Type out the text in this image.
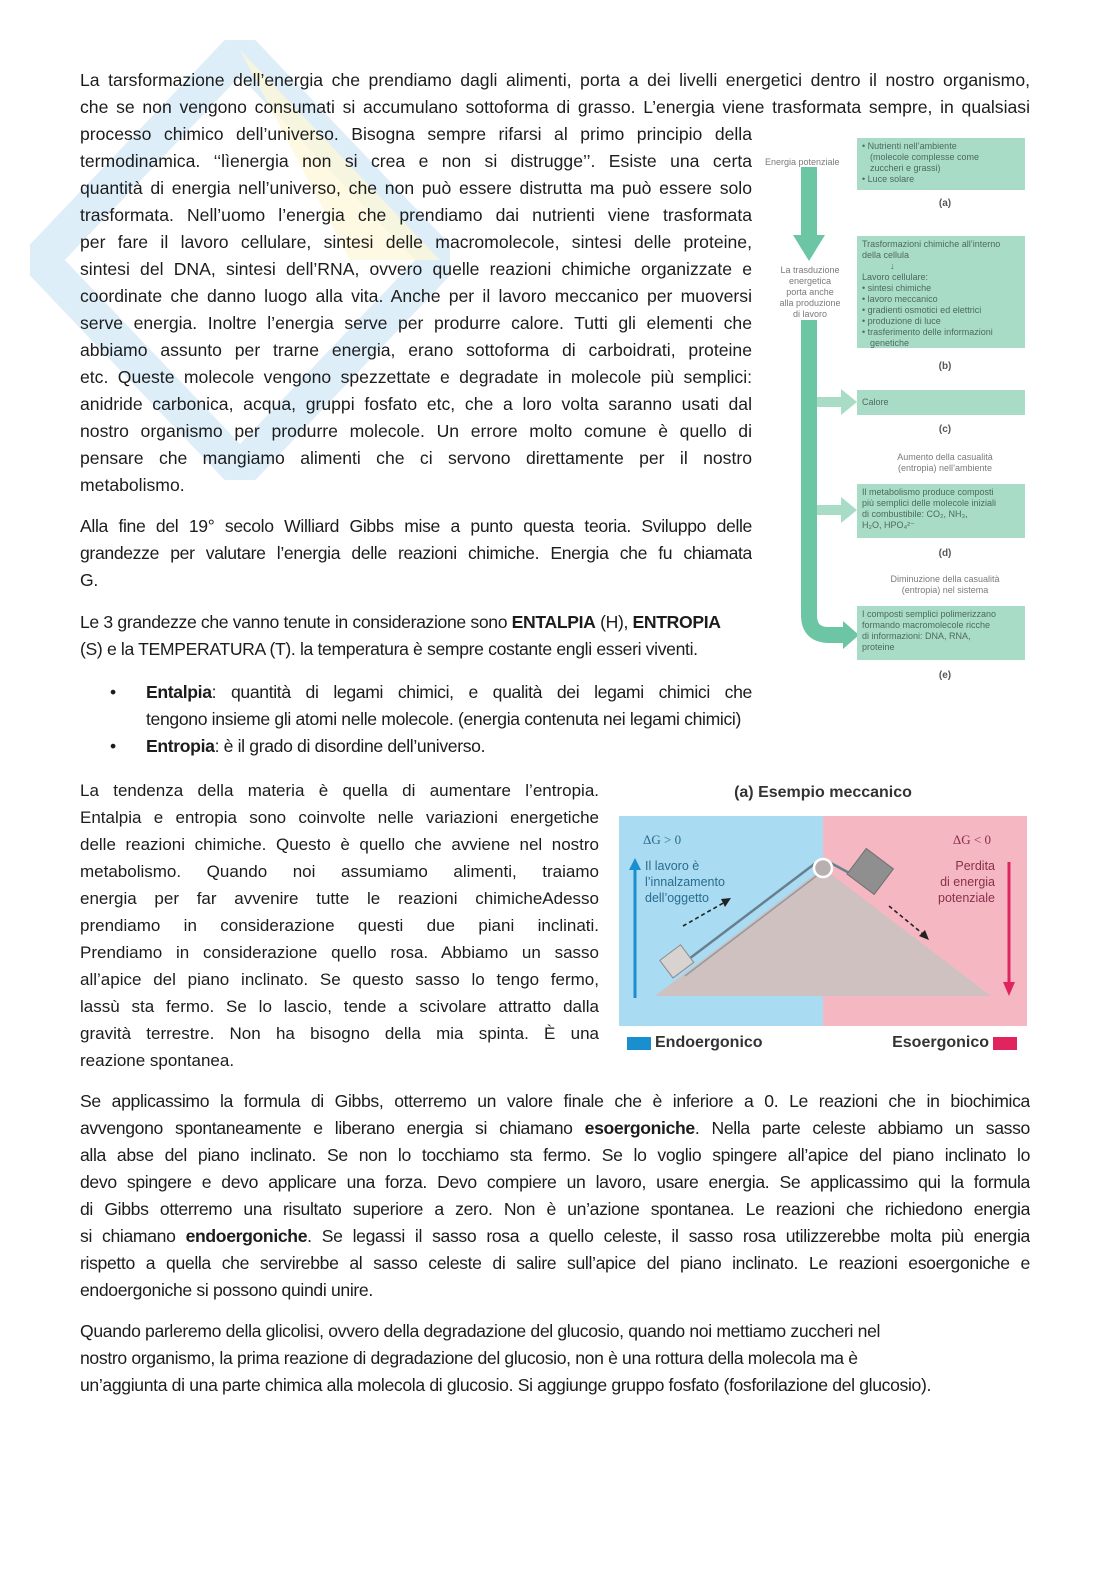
La tarsformazione dell’energia che prendiamo dagli alimenti, porta a dei livelli energetici dentro il nostro organismo,
che se non vengono consumati si accumulano sottoforma di grasso. L’energia viene trasformata sempre, in qualsiasi
processo chimico dell’universo. Bisogna sempre rifarsi al primo principio della
termodinamica. ‘‘lìenergia non si crea e non si distrugge’’. Esiste una certa
quantità di energia nell’universo, che non può essere distrutta ma può essere solo
trasformata. Nell’uomo l’energia che prendiamo dai nutrienti viene trasformata
per fare il lavoro cellulare, sintesi delle macromolecole, sintesi delle proteine,
sintesi del DNA, sintesi dell’RNA, ovvero quelle reazioni chimiche organizzate e
coordinate che danno luogo alla vita. Anche per il lavoro meccanico per muoversi
serve energia. Inoltre l’energia serve per produrre calore. Tutti gli elementi che
abbiamo assunto per trarne energia, erano sottoforma di carboidrati, proteine
etc. Queste molecole vengono spezzettate e degradate in molecole più semplici:
anidride carbonica, acqua, gruppi fosfato etc, che a loro volta saranno usati dal
nostro organismo per produrre molecole. Un errore molto comune è quello di
pensare che mangiamo alimenti che ci servono direttamente per il nostro
metabolismo.
Alla fine del 19° secolo Williard Gibbs mise a punto questa teoria. Sviluppo delle
grandezze per valutare l’energia delle reazioni chimiche. Energia che fu chiamata
G.
Le 3 grandezze che vanno tenute in considerazione sono ENTALPIA (H), ENTROPIA
(S) e la TEMPERATURA (T). la temperatura è sempre costante engli esseri viventi.
• Entalpia: quantità di legami chimici, e qualità dei legami chimici che
tengono insieme gli atomi nelle molecole. (energia contenuta nei legami chimici)
• Entropia: è il grado di disordine dell’universo.
La tendenza della materia è quella di aumentare l’entropia.
Entalpia e entropia sono coinvolte nelle variazioni energetiche
delle reazioni chimiche. Questo è quello che avviene nel nostro
metabolismo. Quando noi assumiamo alimenti, traiamo
energia per far avvenire tutte le reazioni chimicheAdesso
prendiamo in considerazione questi due piani inclinati.
Prendiamo in considerazione quello rosa. Abbiamo un sasso
all’apice del piano inclinato. Se questo sasso lo tengo fermo,
lassù sta fermo. Se lo lascio, tende a scivolare attratto dalla
gravità terrestre. Non ha bisogno della mia spinta. È una
reazione spontanea.
Se applicassimo la formula di Gibbs, otterremo un valore finale che è inferiore a 0. Le reazioni che in biochimica
avvengono spontaneamente e liberano energia si chiamano esoergoniche. Nella parte celeste abbiamo un sasso
alla abse del piano inclinato. Se non lo tocchiamo sta fermo. Se lo voglio spingere all’apice del piano inclinato lo
devo spingere e devo applicare una forza. Devo compiere un lavoro, usare energia. Se applicassimo qui la formula
di Gibbs otterremo una risultato superiore a zero. Non è un’azione spontanea. Le reazioni che richiedono energia
si chiamano endoergoniche. Se legassi il sasso rosa a quello celeste, il sasso rosa utilizzerebbe molta più energia
rispetto a quella che servirebbe al sasso celeste di salire sull’apice del piano inclinato. Le reazioni esoergoniche e
endoergoniche si possono quindi unire.
Quando parleremo della glicolisi, ovvero della degradazione del glucosio, quando noi mettiamo zuccheri nel
nostro organismo, la prima reazione di degradazione del glucosio, non è una rottura della molecola ma è
un’aggiunta di una parte chimica alla molecola di glucosio. Si aggiunge gruppo fosfato (fosforilazione del glucosio).
Energia potenziale
La trasduzione
energetica
porta anche
alla produzione
di lavoro
• Nutrienti nell’ambiente
(molecole complesse come
zuccheri e grassi)
• Luce solare
(a)
Trasformazioni chimiche all’interno
della cellula
↓
Lavoro cellulare:
• sintesi chimiche
• lavoro meccanico
• gradienti osmotici ed elettrici
• produzione di luce
• trasferimento delle informazioni
genetiche
(b)
Calore
(c)
Aumento della casualità
(entropia) nell’ambiente
Il metabolismo produce composti
più semplici delle molecole iniziali
di combustibile: CO₂, NH₃,
H₂O, HPO₄²⁻
(d)
Diminuzione della casualità
(entropia) nel sistema
I composti semplici polimerizzano
formando macromolecole ricche
di informazioni: DNA, RNA,
proteine
(e)
(a) Esempio meccanico
ΔG > 0	ΔG < 0
Il lavoro è
l’innalzamento
dell’oggetto
Perdita
di energia
potenziale
Endoergonico	Esoergonico
